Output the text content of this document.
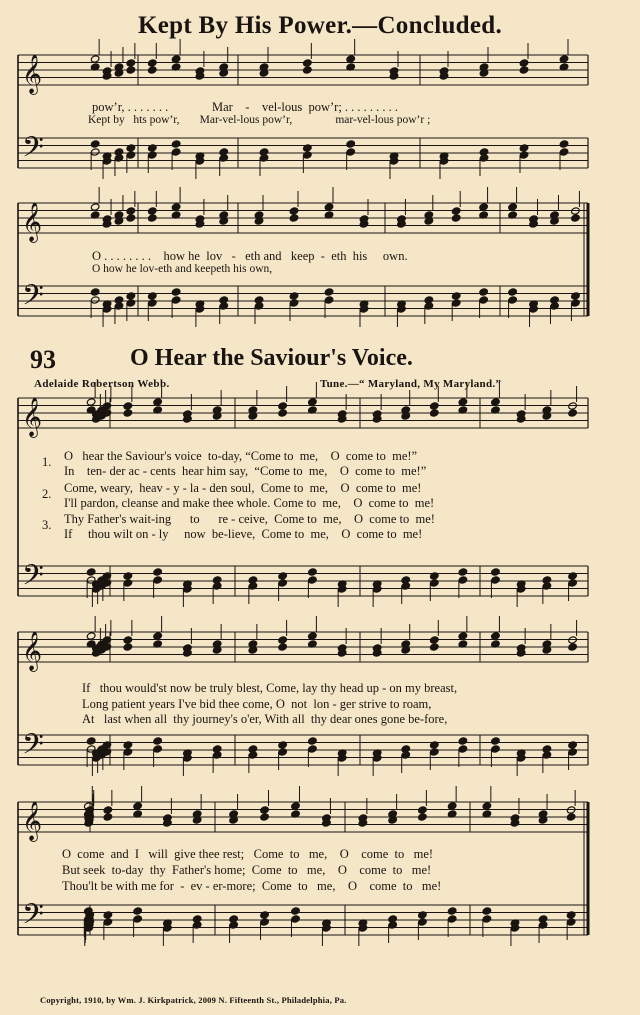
Kept By His Power.—Concluded.
𝄞
𝄢
𝄞
𝄢
𝄞
𝄢
𝄞
𝄢
𝄞
𝄢
pow’r, . . . . . . .              Mar    -    vel-lous  pow’r; . . . . . . . . .
Kept by   hts pow’r,       Mar-vel-lous pow’r,               mar-vel-lous pow’r ;
O . . . . . . . .    how he  lov   -   eth and   keep  -  eth  his     own.
O how he lov-eth and keepeth his own,
93	O Hear the Saviour's Voice.
Adelaide Robertson Webb.	Tune.—“ Maryland, My Maryland.”
1.
2.
3.
O   hear the Saviour's voice  to-day, “Come to  me,    O  come to  me!”
In    ten- der ac - cents  hear him say,  “Come to  me,    O  come to  me!”
Come, weary,  heav - y - la - den soul,  Come to  me,    O  come to  me!
I'll pardon, cleanse and make thee whole. Come to  me,    O  come to  me!
Thy Father's wait-ing      to      re - ceive,  Come to  me,    O  come to  me!
If     thou wilt on - ly     now  be-lieve,  Come to  me,    O  come to  me!
If   thou would'st now be truly blest, Come, lay thy head up - on my breast,
Long patient years I've bid thee come, O  not  lon - ger strive to roam,
At   last when all  thy journey's o'er, With all  thy dear ones gone be-fore,
O  come  and  I   will  give thee rest;   Come  to   me,    O    come  to   me!
But seek  to-day  thy  Father's home;  Come  to   me,    O    come  to   me!
Thou'lt be with me for  -  ev - er-more;  Come  to   me,    O    come  to   me!
Copyright, 1910, by Wm. J. Kirkpatrick, 2009 N. Fifteenth St., Philadelphia, Pa.
